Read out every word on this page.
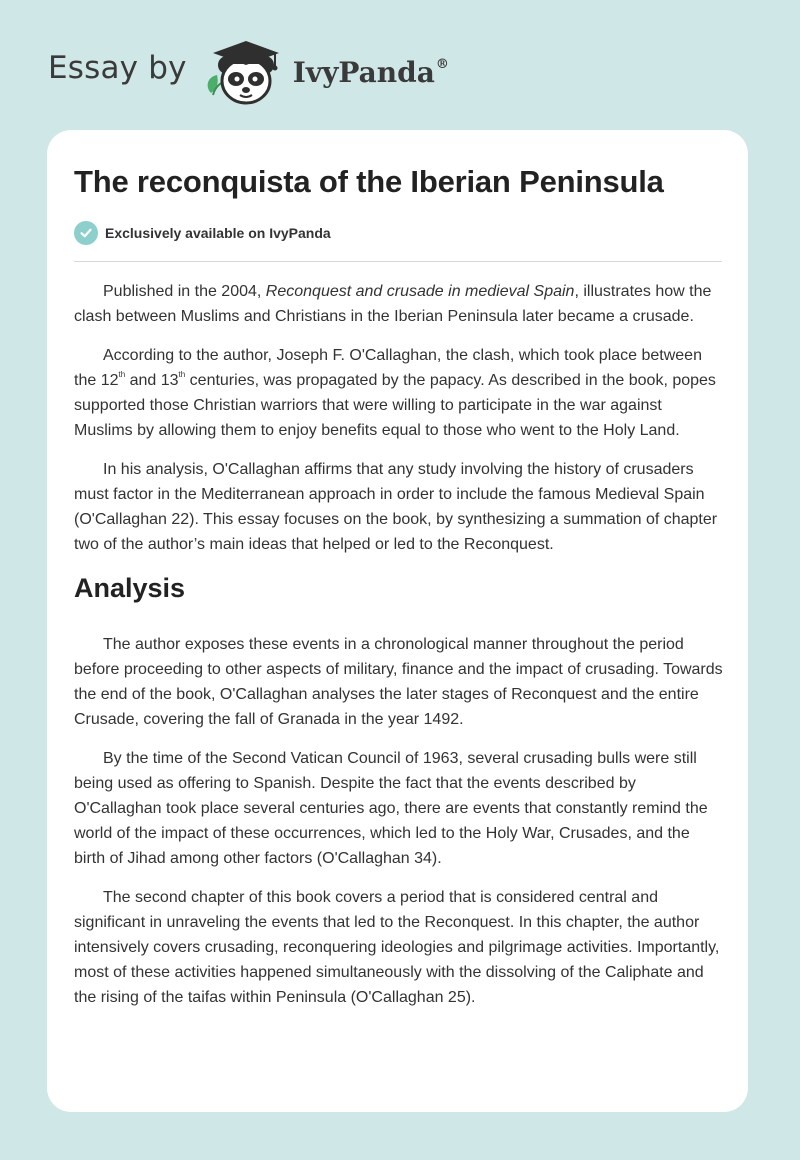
Essay by	IvyPanda®
The reconquista of the Iberian Peninsula
Exclusively available on IvyPanda

Published in the 2004, Reconquest and crusade in medieval Spain, illustrates how the clash between Muslims and Christians in the Iberian Peninsula later became a crusade.

According to the author, Joseph F. O'Callaghan, the clash, which took place between the 12th and 13th centuries, was propagated by the papacy. As described in the book, popes supported those Christian warriors that were willing to participate in the war against Muslims by allowing them to enjoy benefits equal to those who went to the Holy Land.

In his analysis, O'Callaghan affirms that any study involving the history of crusaders must factor in the Mediterranean approach in order to include the famous Medieval Spain (O'Callaghan 22). This essay focuses on the book, by synthesizing a summation of chapter two of the author’s main ideas that helped or led to the Reconquest.

Analysis

The author exposes these events in a chronological manner throughout the period before proceeding to other aspects of military, finance and the impact of crusading. Towards the end of the book, O'Callaghan analyses the later stages of Reconquest and the entire Crusade, covering the fall of Granada in the year 1492.

By the time of the Second Vatican Council of 1963, several crusading bulls were still being used as offering to Spanish. Despite the fact that the events described by O'Callaghan took place several centuries ago, there are events that constantly remind the world of the impact of these occurrences, which led to the Holy War, Crusades, and the birth of Jihad among other factors (O'Callaghan 34).

The second chapter of this book covers a period that is considered central and significant in unraveling the events that led to the Reconquest. In this chapter, the author intensively covers crusading, reconquering ideologies and pilgrimage activities. Importantly, most of these activities happened simultaneously with the dissolving of the Caliphate and the rising of the taifas within Peninsula (O'Callaghan 25).
